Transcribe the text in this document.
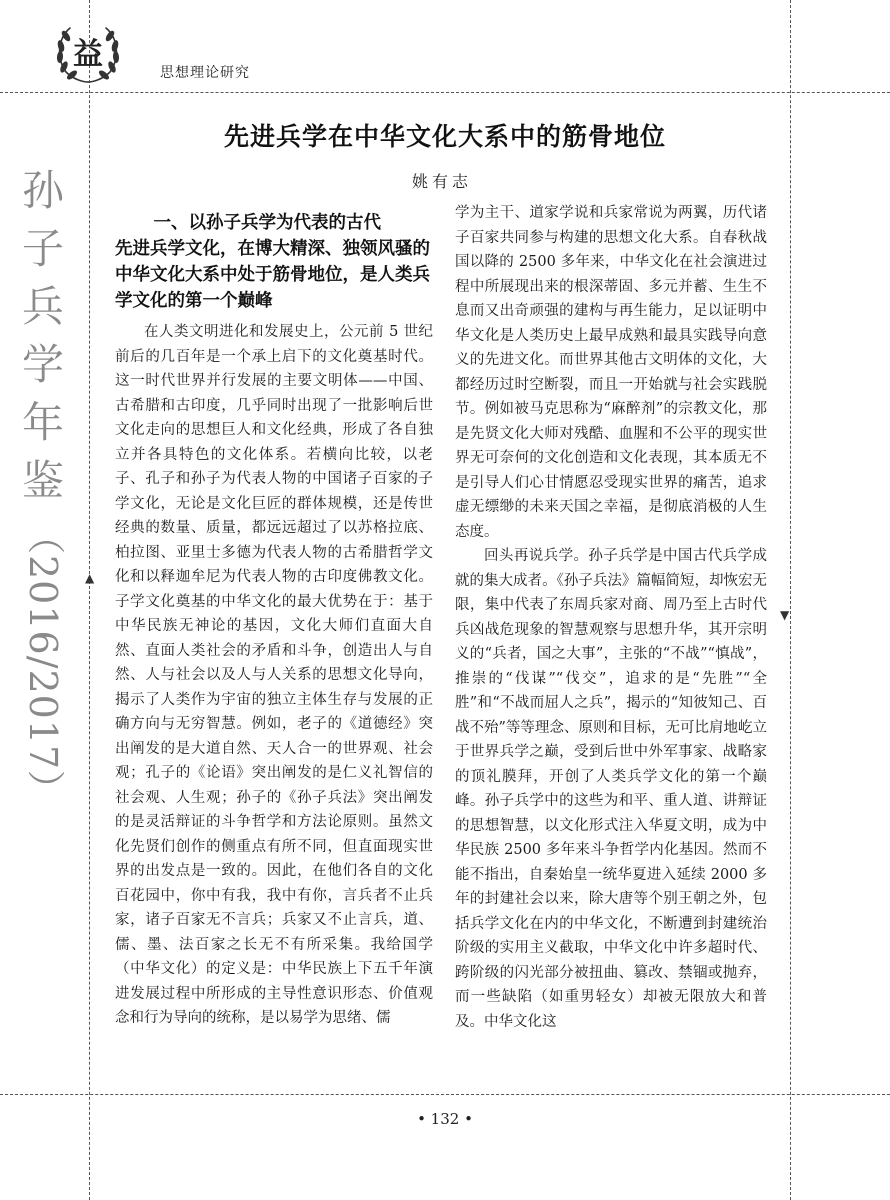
益
思想理论研究
先进兵学在中华文化大系中的筋骨地位
姚有志
孙子兵学年鉴
（2016/2017） ▲
▼
一、以孙子兵学为代表的古代
先进兵学文化，在博大精深、独领风骚的中华文化大系中处于筋骨地位，是人类兵学文化的第一个巅峰

在人类文明进化和发展史上，公元前 5 世纪前后的几百年是一个承上启下的文化奠基时代。这一时代世界并行发展的主要文明体——中国、古希腊和古印度，几乎同时出现了一批影响后世文化走向的思想巨人和文化经典，形成了各自独立并各具特色的文化体系。若横向比较，以老子、孔子和孙子为代表人物的中国诸子百家的子学文化，无论是文化巨匠的群体规模，还是传世经典的数量、质量，都远远超过了以苏格拉底、柏拉图、亚里士多德为代表人物的古希腊哲学文化和以释迦牟尼为代表人物的古印度佛教文化。子学文化奠基的中华文化的最大优势在于：基于中华民族无神论的基因，文化大师们直面大自然、直面人类社会的矛盾和斗争，创造出人与自然、人与社会以及人与人关系的思想文化导向，揭示了人类作为宇宙的独立主体生存与发展的正确方向与无穷智慧。例如，老子的《道德经》突出阐发的是大道自然、天人合一的世界观、社会观；孔子的《论语》突出阐发的是仁义礼智信的社会观、人生观；孙子的《孙子兵法》突出阐发的是灵活辩证的斗争哲学和方法论原则。虽然文化先贤们创作的侧重点有所不同，但直面现实世界的出发点是一致的。因此，在他们各自的文化百花园中，你中有我，我中有你，言兵者不止兵家，诸子百家无不言兵；兵家又不止言兵，道、儒、墨、法百家之长无不有所采集。我给国学（中华文化）的定义是：中华民族上下五千年演进发展过程中所形成的主导性意识形态、价值观念和行为导向的统称，是以易学为思绪、儒

学为主干、道家学说和兵家常说为两翼，历代诸子百家共同参与构建的思想文化大系。自春秋战国以降的 2500 多年来，中华文化在社会演进过程中所展现出来的根深蒂固、多元并蓄、生生不息而又出奇顽强的建构与再生能力，足以证明中华文化是人类历史上最早成熟和最具实践导向意义的先进文化。而世界其他古文明体的文化，大都经历过时空断裂，而且一开始就与社会实践脱节。例如被马克思称为“麻醉剂”的宗教文化，那是先贤文化大师对残酷、血腥和不公平的现实世界无可奈何的文化创造和文化表现，其本质无不是引导人们心甘情愿忍受现实世界的痛苦，追求虚无缥缈的未来天国之幸福，是彻底消极的人生态度。

回头再说兵学。孙子兵学是中国古代兵学成就的集大成者。《孙子兵法》篇幅简短，却恢宏无限，集中代表了东周兵家对商、周乃至上古时代兵凶战危现象的智慧观察与思想升华，其开宗明义的“兵者，国之大事”，主张的“不战”“慎战”，推崇的“伐谋”“伐交”，追求的是“先胜”“全胜”和“不战而屈人之兵”，揭示的“知彼知己、百战不殆”等等理念、原则和目标，无可比肩地屹立于世界兵学之巅，受到后世中外军事家、战略家的顶礼膜拜，开创了人类兵学文化的第一个巅峰。孙子兵学中的这些为和平、重人道、讲辩证的思想智慧，以文化形式注入华夏文明，成为中华民族 2500 多年来斗争哲学内化基因。然而不能不指出，自秦始皇一统华夏进入延续 2000 多年的封建社会以来，除大唐等个别王朝之外，包括兵学文化在内的中华文化，不断遭到封建统治阶级的实用主义截取，中华文化中许多超时代、跨阶级的闪光部分被扭曲、篡改、禁锢或抛弃，而一些缺陷（如重男轻女）却被无限放大和普及。中华文化这

• 132 •
